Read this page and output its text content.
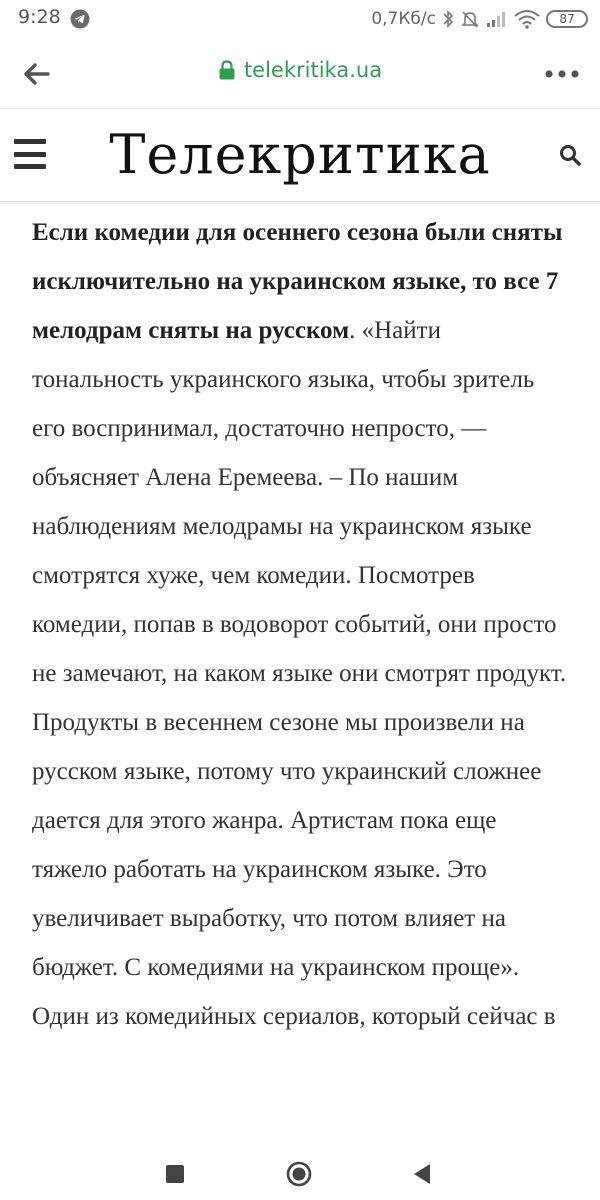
9:28	0,7Кб/с	87
telekritika.ua
Телекритика

Если комедии для осеннего сезона были сняты исключительно на украинском языке, то все 7 мелодрам сняты на русском. «Найти тональность украинского языка, чтобы зритель его воспринимал, достаточно непросто, — объясняет Алена Еремеева. – По нашим наблюдениям мелодрамы на украинском языке смотрятся хуже, чем комедии. Посмотрев комедии, попав в водоворот событий, они просто не замечают, на каком языке они смотрят продукт. Продукты в весеннем сезоне мы произвели на русском языке, потому что украинский сложнее дается для этого жанра. Артистам пока еще тяжело работать на украинском языке. Это увеличивает выработку, что потом влияет на бюджет. С комедиями на украинском проще». Один из комедийных сериалов, который сейчас в
